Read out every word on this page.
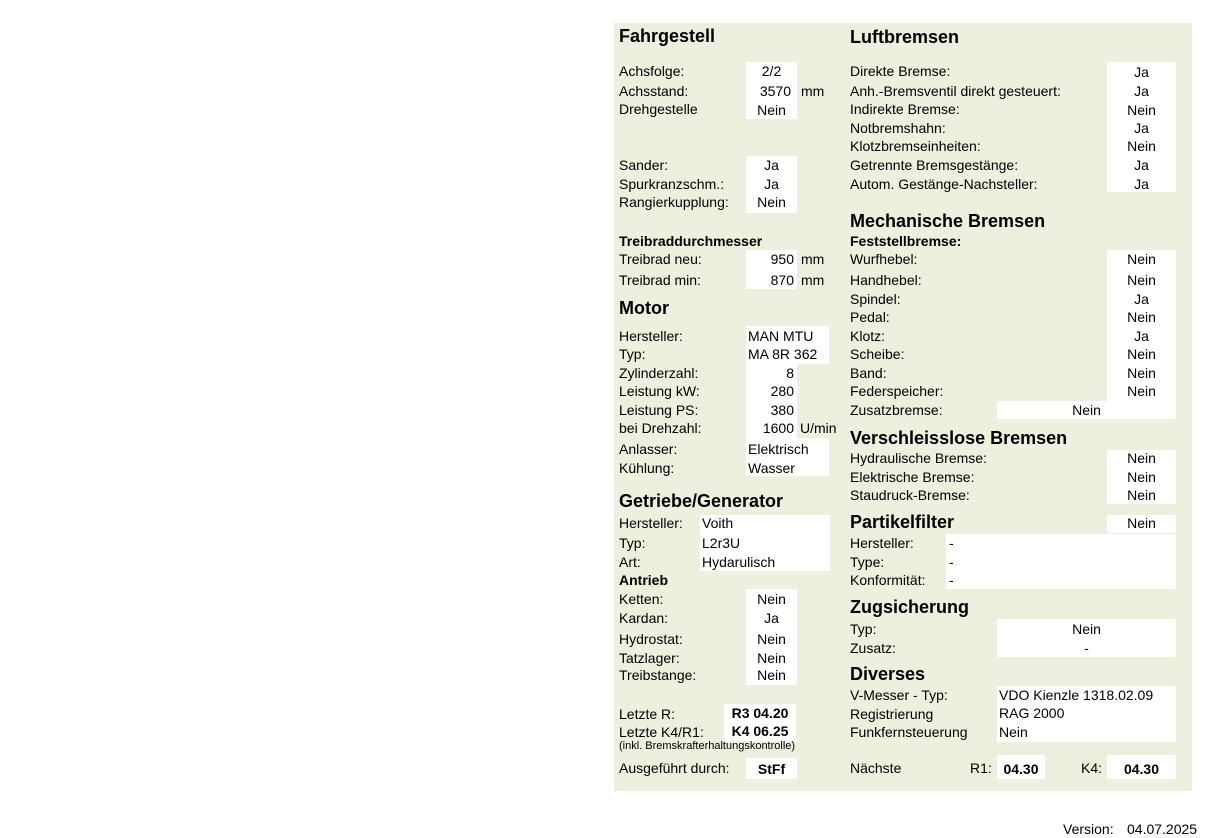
Fahrgestell
Achsfolge:	2/2
Achsstand:	3570 mm
Drehgestelle	Nein
Sander:	Ja
Spurkranzschm.:	Ja
Rangierkupplung:	Nein
Treibraddurchmesser
Treibrad neu:	950 mm
Treibrad min:	870 mm
Motor
Hersteller:	MAN MTU
Typ:	MA 8R 362
Zylinderzahl:	8
Leistung kW:	280
Leistung PS:	380
bei Drehzahl:	1600 U/min
Anlasser:	Elektrisch
Kühlung:	Wasser
Getriebe/Generator
Hersteller: Voith
Typ:	L2r3U
Art:	Hydarulisch
Antrieb
Ketten:	Nein
Kardan:	Ja
Hydrostat:	Nein
Tatzlager:	Nein
Treibstange:	Nein
Letzte R:	R3 04.20
Letzte K4/R1:	K4 06.25
(inkl. Bremskrafterhaltungskontrolle)
Ausgeführt durch:	StFf
Luftbremsen
Direkte Bremse:	Ja
Anh.-Bremsventil direkt gesteuert:	Ja
Indirekte Bremse:	Nein
Notbremshahn:	Ja
Klotzbremseinheiten:	Nein
Getrennte Bremsgestänge:	Ja
Autom. Gestänge-Nachsteller:	Ja
Mechanische Bremsen
Feststellbremse:
Wurfhebel:	Nein
Handhebel:	Nein
Spindel:	Ja
Pedal:	Nein
Klotz:	Ja
Scheibe:	Nein
Band:	Nein
Federspeicher:	Nein
Zusatzbremse:	Nein
Verschleisslose Bremsen
Hydraulische Bremse:	Nein
Elektrische Bremse:	Nein
Staudruck-Bremse:	Nein
Partikelfilter	Nein
Hersteller:	-
Type:	-
Konformität: -
Zugsicherung
Typ:	Nein
Zusatz:	-
Diverses
V-Messer - Typ:	VDO Kienzle 1318.02.09
Registrierung	RAG 2000
Funkfernsteuerung Nein
Nächste	R1: 04.30	K4:	04.30
Version: 04.07.2025
